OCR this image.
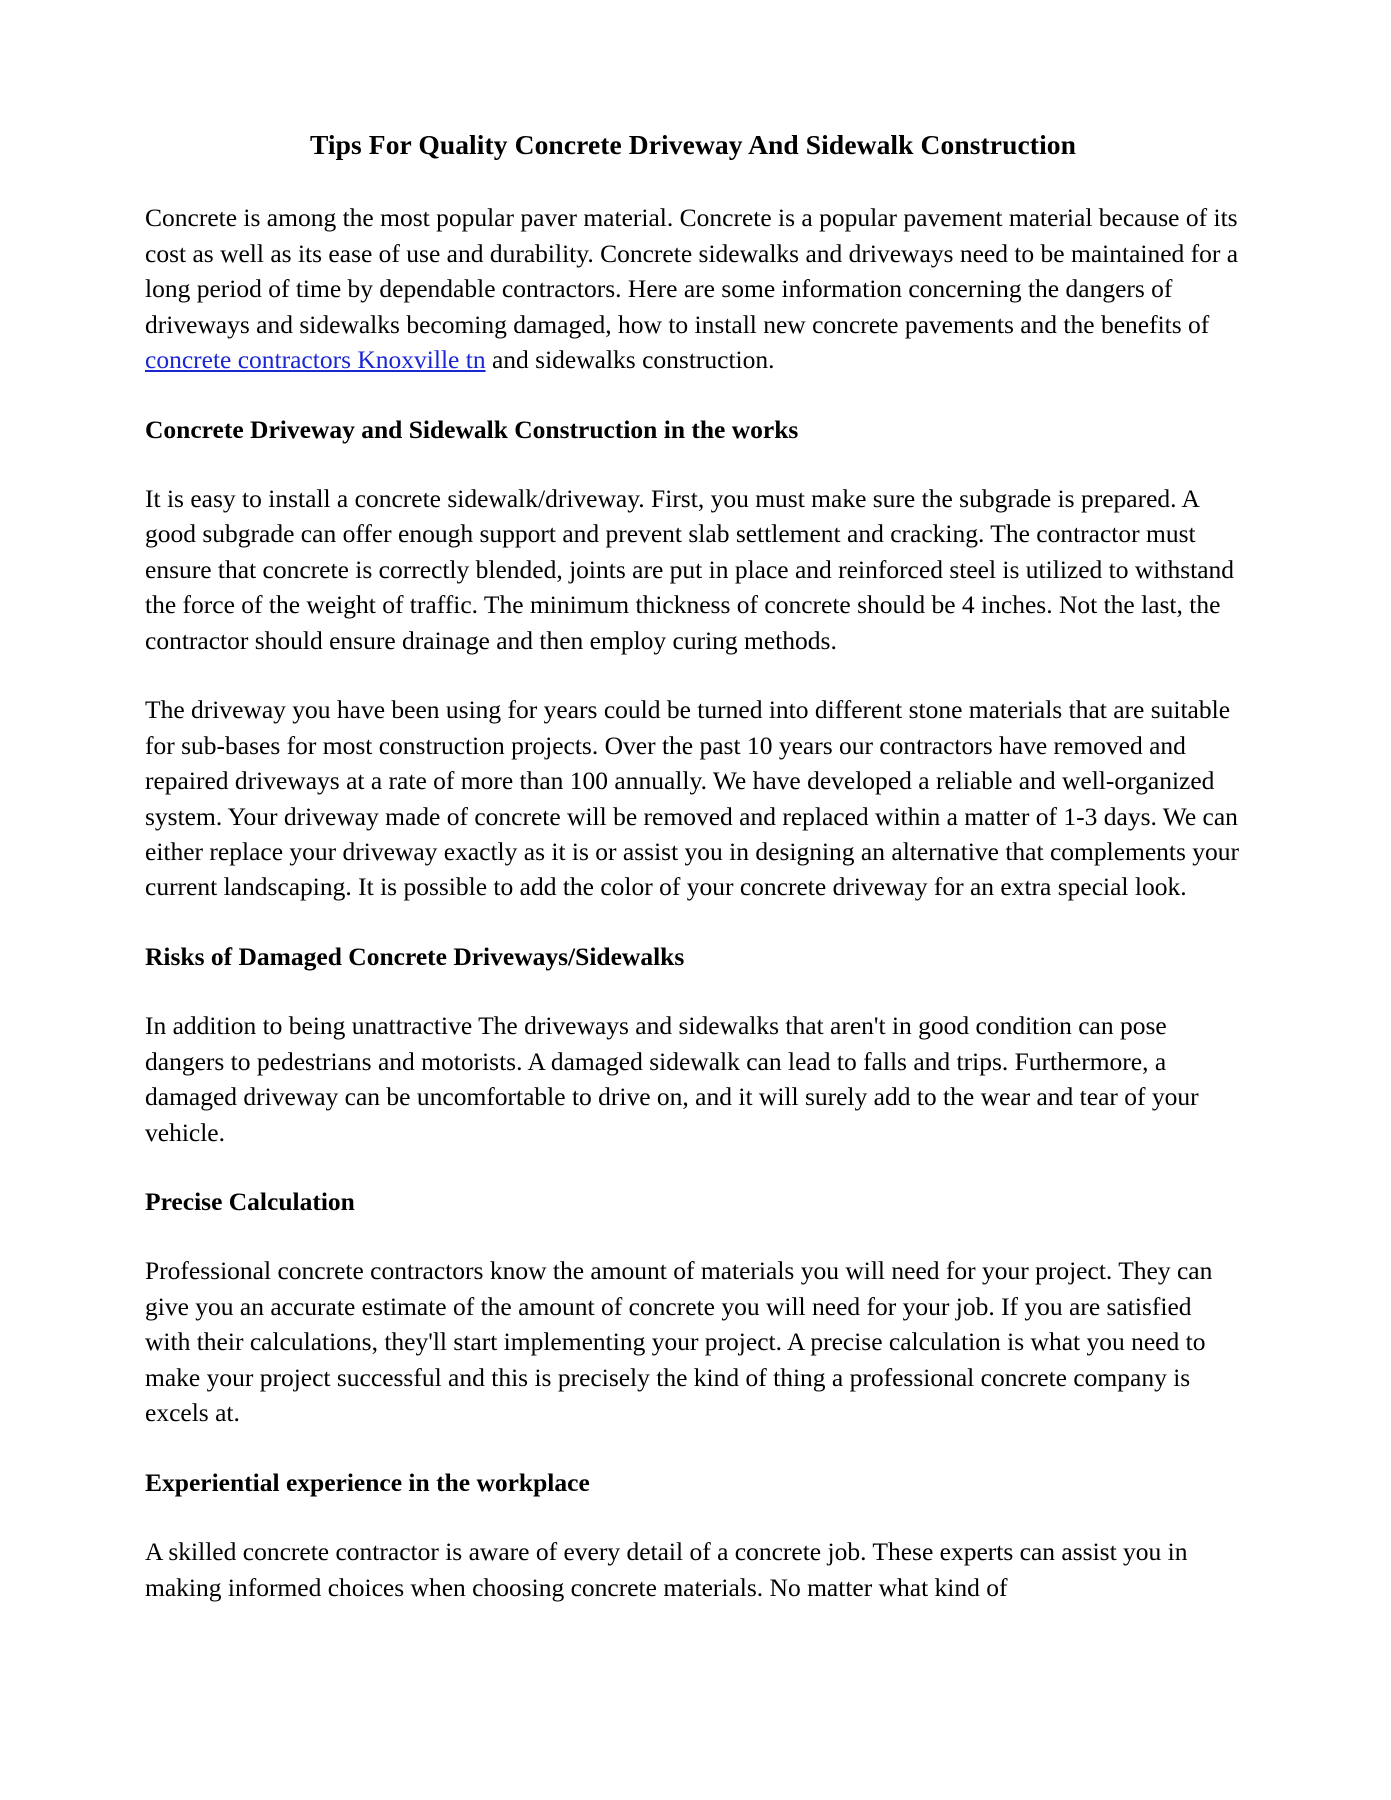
Tips For Quality Concrete Driveway And Sidewalk Construction

Concrete is among the most popular paver material. Concrete is a popular pavement material because of its cost as well as its ease of use and durability. Concrete sidewalks and driveways need to be maintained for a long period of time by dependable contractors. Here are some information concerning the dangers of driveways and sidewalks becoming damaged, how to install new concrete pavements and the benefits of concrete contractors Knoxville tn and sidewalks construction.

Concrete Driveway and Sidewalk Construction in the works

It is easy to install a concrete sidewalk/driveway. First, you must make sure the subgrade is prepared. A good subgrade can offer enough support and prevent slab settlement and cracking. The contractor must ensure that concrete is correctly blended, joints are put in place and reinforced steel is utilized to withstand the force of the weight of traffic. The minimum thickness of concrete should be 4 inches. Not the last, the contractor should ensure drainage and then employ curing methods.

The driveway you have been using for years could be turned into different stone materials that are suitable for sub-bases for most construction projects. Over the past 10 years our contractors have removed and repaired driveways at a rate of more than 100 annually. We have developed a reliable and well-organized system. Your driveway made of concrete will be removed and replaced within a matter of 1-3 days. We can either replace your driveway exactly as it is or assist you in designing an alternative that complements your current landscaping. It is possible to add the color of your concrete driveway for an extra special look.

Risks of Damaged Concrete Driveways/Sidewalks

In addition to being unattractive The driveways and sidewalks that aren't in good condition can pose dangers to pedestrians and motorists. A damaged sidewalk can lead to falls and trips. Furthermore, a damaged driveway can be uncomfortable to drive on, and it will surely add to the wear and tear of your vehicle.

Precise Calculation

Professional concrete contractors know the amount of materials you will need for your project. They can give you an accurate estimate of the amount of concrete you will need for your job. If you are satisfied with their calculations, they'll start implementing your project. A precise calculation is what you need to make your project successful and this is precisely the kind of thing a professional concrete company is excels at.

Experiential experience in the workplace

A skilled concrete contractor is aware of every detail of a concrete job. These experts can assist you in making informed choices when choosing concrete materials. No matter what kind of
